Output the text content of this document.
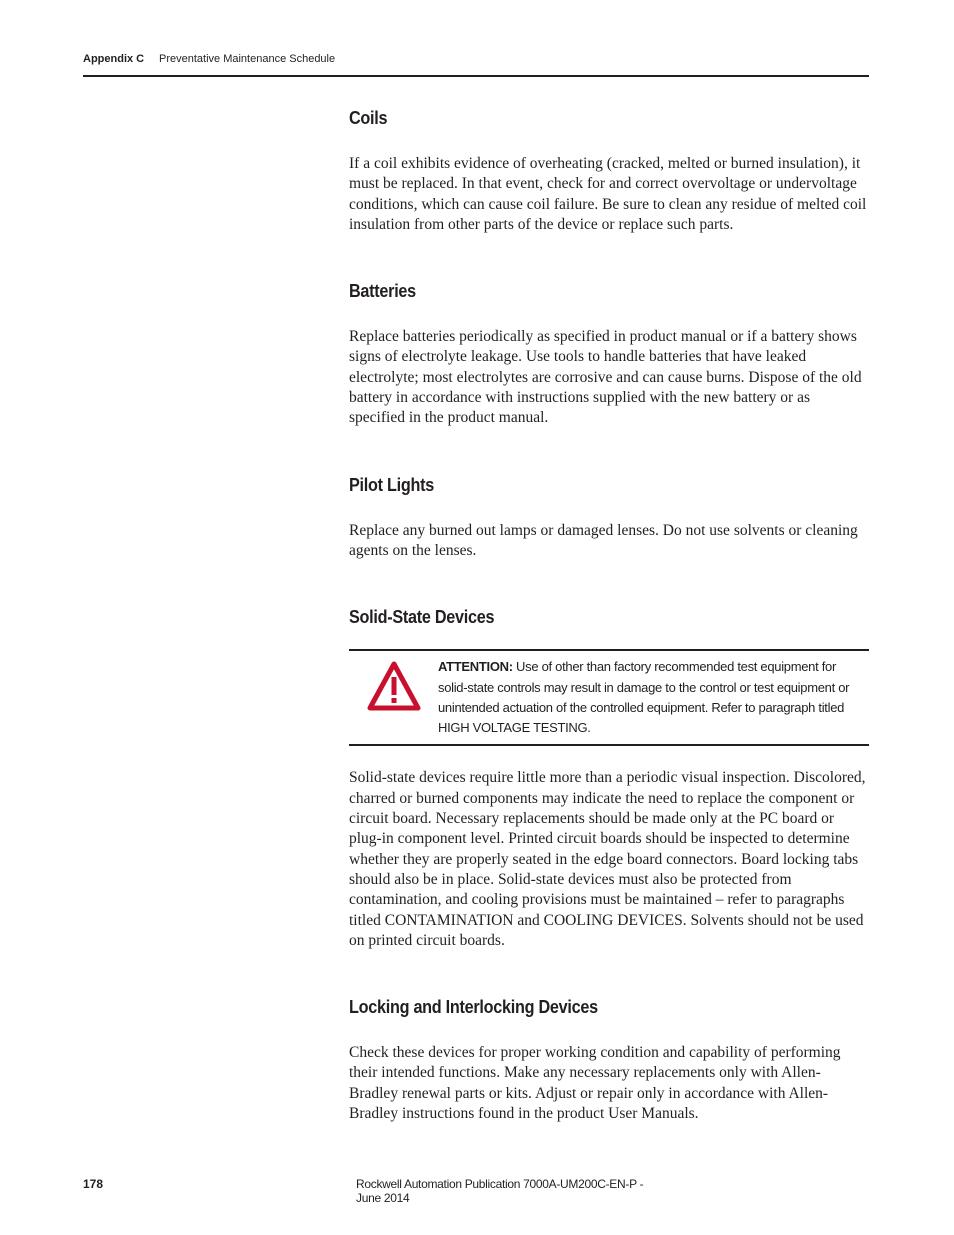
Appendix C Preventative Maintenance Schedule
Coils

If a coil exhibits evidence of overheating (cracked, melted or burned insulation), it must be replaced. In that event, check for and correct overvoltage or undervoltage conditions, which can cause coil failure. Be sure to clean any residue of melted coil insulation from other parts of the device or replace such parts.

Batteries

Replace batteries periodically as specified in product manual or if a battery shows signs of electrolyte leakage. Use tools to handle batteries that have leaked electrolyte; most electrolytes are corrosive and can cause burns. Dispose of the old battery in accordance with instructions supplied with the new battery or as specified in the product manual.

Pilot Lights

Replace any burned out lamps or damaged lenses. Do not use solvents or cleaning agents on the lenses.

Solid-State Devices
ATTENTION: Use of other than factory recommended test equipment for solid-state controls may result in damage to the control or test equipment or unintended actuation of the controlled equipment. Refer to paragraph titled HIGH VOLTAGE TESTING.

Solid-state devices require little more than a periodic visual inspection. Discolored, charred or burned components may indicate the need to replace the component or circuit board. Necessary replacements should be made only at the PC board or plug-in component level. Printed circuit boards should be inspected to determine whether they are properly seated in the edge board connectors. Board locking tabs should also be in place. Solid-state devices must also be protected from contamination, and cooling provisions must be maintained – refer to paragraphs titled CONTAMINATION and COOLING DEVICES. Solvents should not be used on printed circuit boards.

Locking and Interlocking Devices

Check these devices for proper working condition and capability of performing their intended functions. Make any necessary replacements only with Allen-Bradley renewal parts or kits. Adjust or repair only in accordance with Allen-Bradley instructions found in the product User Manuals.

178	Rockwell Automation Publication 7000A-UM200C-EN-P - June 2014
